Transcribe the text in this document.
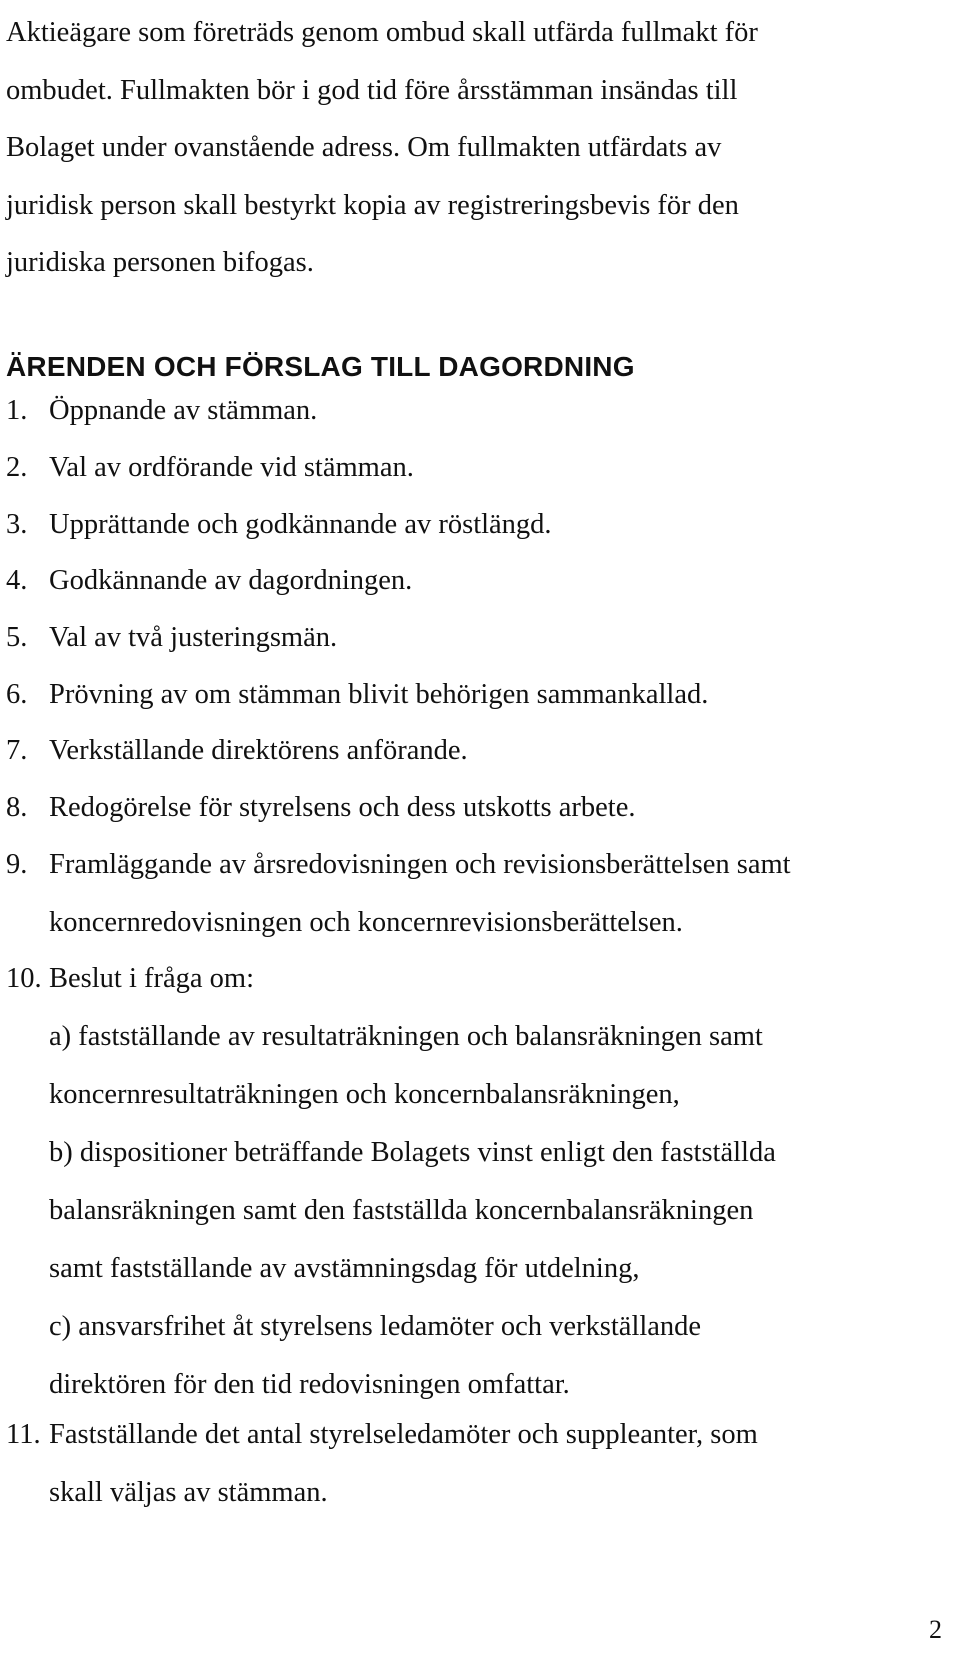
Aktieägare som företräds genom ombud skall utfärda fullmakt för
ombudet. Fullmakten bör i god tid före årsstämman insändas till
Bolaget under ovanstående adress. Om fullmakten utfärdats av
juridisk person skall bestyrkt kopia av registreringsbevis för den
juridiska personen bifogas.

ÄRENDEN OCH FÖRSLAG TILL DAGORDNING
1. Öppnande av stämman.
2. Val av ordförande vid stämman.
3. Upprättande och godkännande av röstlängd.
4. Godkännande av dagordningen.
5. Val av två justeringsmän.
6. Prövning av om stämman blivit behörigen sammankallad.
7. Verkställande direktörens anförande.
8. Redogörelse för styrelsens och dess utskotts arbete.
9. Framläggande av årsredovisningen och revisionsberättelsen samt
koncernredovisningen och koncernrevisionsberättelsen.
10. Beslut i fråga om:
a) fastställande av resultaträkningen och balansräkningen samt
koncernresultaträkningen och koncernbalansräkningen,
b) dispositioner beträffande Bolagets vinst enligt den fastställda
balansräkningen samt den fastställda koncernbalansräkningen
samt fastställande av avstämningsdag för utdelning,
c) ansvarsfrihet åt styrelsens ledamöter och verkställande
direktören för den tid redovisningen omfattar.
11. Fastställande det antal styrelseledamöter och suppleanter, som
skall väljas av stämman.
2
